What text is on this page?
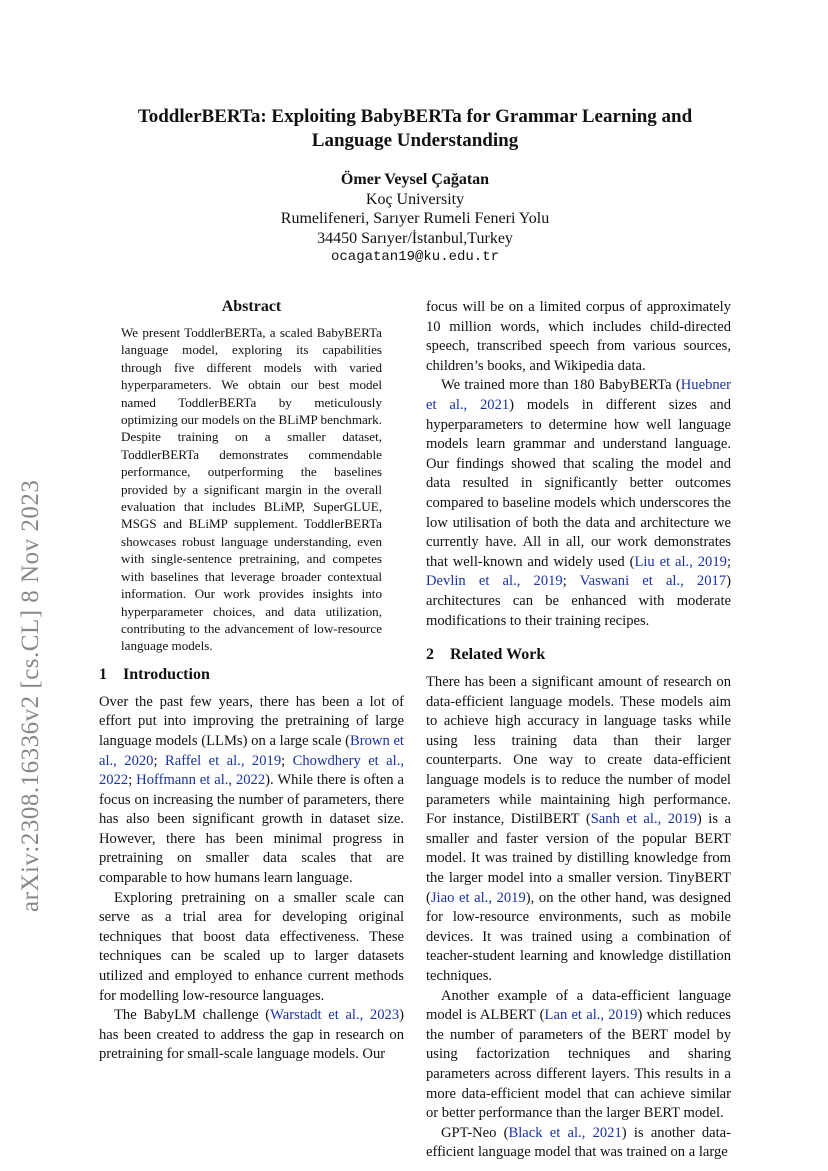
arXiv:2308.16336v2 [cs.CL] 8 Nov 2023
ToddlerBERTa: Exploiting BabyBERTa for Grammar Learning and Language Understanding
Ömer Veysel Çağatan
Koç University
Rumelifeneri, Sarıyer Rumeli Feneri Yolu
34450 Sarıyer/İstanbul,Turkey
ocagatan19@ku.edu.tr
Abstract

We present ToddlerBERTa, a scaled BabyBERTa language model, exploring its capabilities through five different models with varied hyperparameters. We obtain our best model named ToddlerBERTa by meticulously optimizing our models on the BLiMP benchmark. Despite training on a smaller dataset, ToddlerBERTa demonstrates commendable performance, outperforming the baselines provided by a significant margin in the overall evaluation that includes BLiMP, SuperGLUE, MSGS and BLiMP supplement. ToddlerBERTa showcases robust language understanding, even with single-sentence pretraining, and competes with baselines that leverage broader contextual information. Our work provides insights into hyperparameter choices, and data utilization, contributing to the advancement of low-resource language models.

1 Introduction

Over the past few years, there has been a lot of effort put into improving the pretraining of large language models (LLMs) on a large scale (Brown et al., 2020; Raffel et al., 2019; Chowdhery et al., 2022; Hoffmann et al., 2022). While there is often a focus on increasing the number of parameters, there has also been significant growth in dataset size. However, there has been minimal progress in pretraining on smaller data scales that are comparable to how humans learn language.

Exploring pretraining on a smaller scale can serve as a trial area for developing original techniques that boost data effectiveness. These techniques can be scaled up to larger datasets utilized and employed to enhance current methods for modelling low-resource languages.

The BabyLM challenge (Warstadt et al., 2023) has been created to address the gap in research on pretraining for small-scale language models. Our

focus will be on a limited corpus of approximately 10 million words, which includes child-directed speech, transcribed speech from various sources, children’s books, and Wikipedia data.

We trained more than 180 BabyBERTa (Huebner et al., 2021) models in different sizes and hyperparameters to determine how well language models learn grammar and understand language. Our findings showed that scaling the model and data resulted in significantly better outcomes compared to baseline models which underscores the low utilisation of both the data and architecture we currently have. All in all, our work demonstrates that well-known and widely used (Liu et al., 2019; Devlin et al., 2019; Vaswani et al., 2017) architectures can be enhanced with moderate modifications to their training recipes.

2 Related Work

There has been a significant amount of research on data-efficient language models. These models aim to achieve high accuracy in language tasks while using less training data than their larger counterparts. One way to create data-efficient language models is to reduce the number of model parameters while maintaining high performance. For instance, DistilBERT (Sanh et al., 2019) is a smaller and faster version of the popular BERT model. It was trained by distilling knowledge from the larger model into a smaller version. TinyBERT (Jiao et al., 2019), on the other hand, was designed for low-resource environments, such as mobile devices. It was trained using a combination of teacher-student learning and knowledge distillation techniques.

Another example of a data-efficient language model is ALBERT (Lan et al., 2019) which reduces the number of parameters of the BERT model by using factorization techniques and sharing parameters across different layers. This results in a more data-efficient model that can achieve similar or better performance than the larger BERT model.

GPT-Neo (Black et al., 2021) is another data-efficient language model that was trained on a large
